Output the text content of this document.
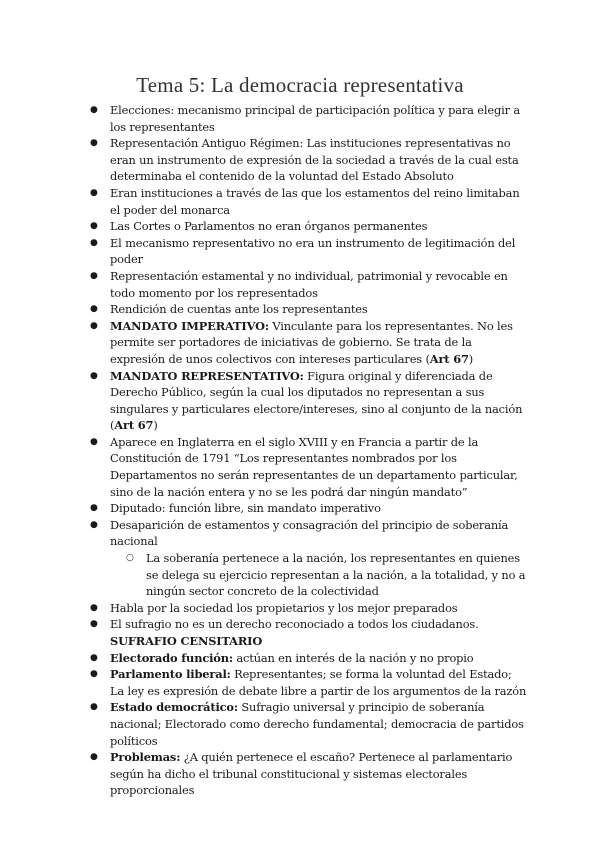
Tema 5: La democracia representativa
● Elecciones: mecanismo principal de participación política y para elegir a los representantes
● Representación Antiguo Régimen: Las instituciones representativas no eran un instrumento de expresión de la sociedad a través de la cual esta determinaba el contenido de la voluntad del Estado Absoluto
● Eran instituciones a través de las que los estamentos del reino limitaban el poder del monarca
● Las Cortes o Parlamentos no eran órganos permanentes
● El mecanismo representativo no era un instrumento de legitimación del poder
● Representación estamental y no individual, patrimonial y revocable en todo momento por los representados
● Rendición de cuentas ante los representantes
● MANDATO IMPERATIVO: Vinculante para los representantes. No les permite ser portadores de iniciativas de gobierno. Se trata de la expresión de unos colectivos con intereses particulares (Art 67)
● MANDATO REPRESENTATIVO: Figura original y diferenciada de Derecho Público, según la cual los diputados no representan a sus singulares y particulares electore/intereses, sino al conjunto de la nación (Art 67)
● Aparece en Inglaterra en el siglo XVIII y en Francia a partir de la Constitución de 1791 “Los representantes nombrados por los Departamentos no serán representantes de un departamento particular, sino de la nación entera y no se les podrá dar ningún mandato”
● Diputado: función libre, sin mandato imperativo
● Desaparición de estamentos y consagración del principio de soberanía nacional
○ La soberanía pertenece a la nación, los representantes en quienes se delega su ejercicio representan a la nación, a la totalidad, y no a ningún sector concreto de la colectividad
● Habla por la sociedad los propietarios y los mejor preparados
● El sufragio no es un derecho reconociado a todos los ciudadanos. SUFRAFIO CENSITARIO
● Electorado función: actúan en interés de la nación y no propio
● Parlamento liberal: Representantes; se forma la voluntad del Estado; La ley es expresión de debate libre a partir de los argumentos de la razón
● Estado democrático: Sufragio universal y principio de soberanía nacional; Electorado como derecho fundamental; democracia de partidos políticos
● Problemas: ¿A quién pertenece el escaño? Pertenece al parlamentario según ha dicho el tribunal constitucional y sistemas electorales proporcionales
